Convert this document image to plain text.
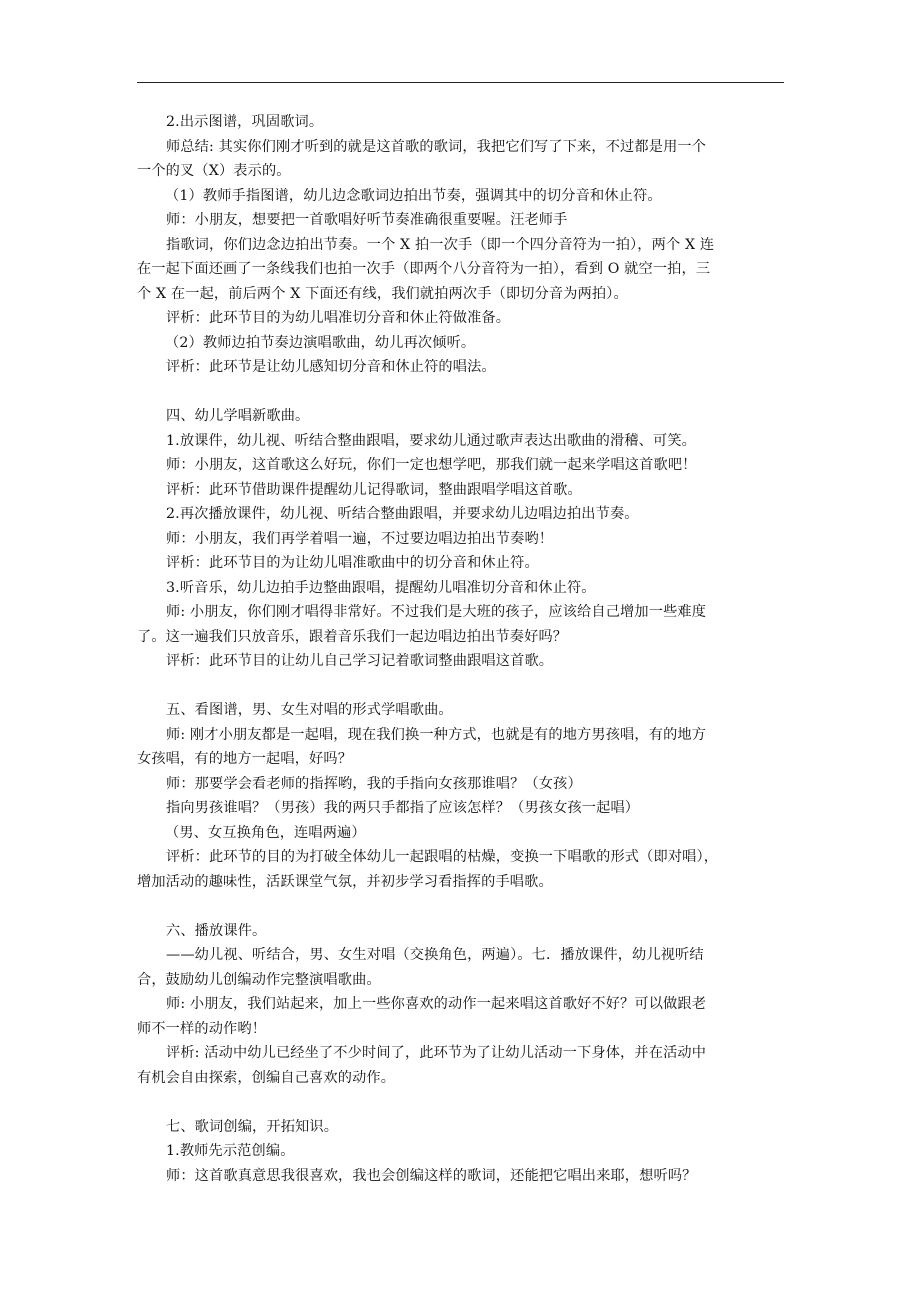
2.出示图谱，巩固歌词。
师总结: 其实你们刚才听到的就是这首歌的歌词，我把它们写了下来，不过都是用一个
一个的叉（X）表示的。
（1）教师手指图谱，幼儿边念歌词边拍出节奏，强调其中的切分音和休止符。
师：小朋友，想要把一首歌唱好听节奏准确很重要喔。汪老师手
指歌词，你们边念边拍出节奏。一个 X 拍一次手（即一个四分音符为一拍），两个 X 连
在一起下面还画了一条线我们也拍一次手（即两个八分音符为一拍），看到 O 就空一拍，三
个 X 在一起，前后两个 X 下面还有线，我们就拍两次手（即切分音为两拍）。
评析：此环节目的为幼儿唱准切分音和休止符做准备。
（2）教师边拍节奏边演唱歌曲，幼儿再次倾听。
评析：此环节是让幼儿感知切分音和休止符的唱法。
四、幼儿学唱新歌曲。
1.放课件，幼儿视、听结合整曲跟唱，要求幼儿通过歌声表达出歌曲的滑稽、可笑。
师：小朋友，这首歌这么好玩，你们一定也想学吧，那我们就一起来学唱这首歌吧！
评析：此环节借助课件提醒幼儿记得歌词，整曲跟唱学唱这首歌。
2.再次播放课件，幼儿视、听结合整曲跟唱，并要求幼儿边唱边拍出节奏。
师：小朋友，我们再学着唱一遍，不过要边唱边拍出节奏哟！
评析：此环节目的为让幼儿唱准歌曲中的切分音和休止符。
3.听音乐，幼儿边拍手边整曲跟唱，提醒幼儿唱准切分音和休止符。
师: 小朋友，你们刚才唱得非常好。不过我们是大班的孩子，应该给自己增加一些难度
了。这一遍我们只放音乐，跟着音乐我们一起边唱边拍出节奏好吗？
评析：此环节目的让幼儿自己学习记着歌词整曲跟唱这首歌。
五、看图谱，男、女生对唱的形式学唱歌曲。
师: 刚才小朋友都是一起唱，现在我们换一种方式，也就是有的地方男孩唱，有的地方
女孩唱，有的地方一起唱，好吗？
师：那要学会看老师的指挥哟，我的手指向女孩那谁唱？（女孩）
指向男孩谁唱？（男孩）我的两只手都指了应该怎样？（男孩女孩一起唱）
（男、女互换角色，连唱两遍）
评析：此环节的目的为打破全体幼儿一起跟唱的枯燥，变换一下唱歌的形式（即对唱），
增加活动的趣味性，活跃课堂气氛，并初步学习看指挥的手唱歌。
六、播放课件。
——幼儿视、听结合，男、女生对唱（交换角色，两遍）。七．播放课件，幼儿视听结
合，鼓励幼儿创编动作完整演唱歌曲。
师: 小朋友，我们站起来，加上一些你喜欢的动作一起来唱这首歌好不好？可以做跟老
师不一样的动作哟！
评析: 活动中幼儿已经坐了不少时间了，此环节为了让幼儿活动一下身体，并在活动中
有机会自由探索，创编自己喜欢的动作。
七、歌词创编，开拓知识。
1.教师先示范创编。
师：这首歌真意思我很喜欢，我也会创编这样的歌词，还能把它唱出来耶，想听吗？
